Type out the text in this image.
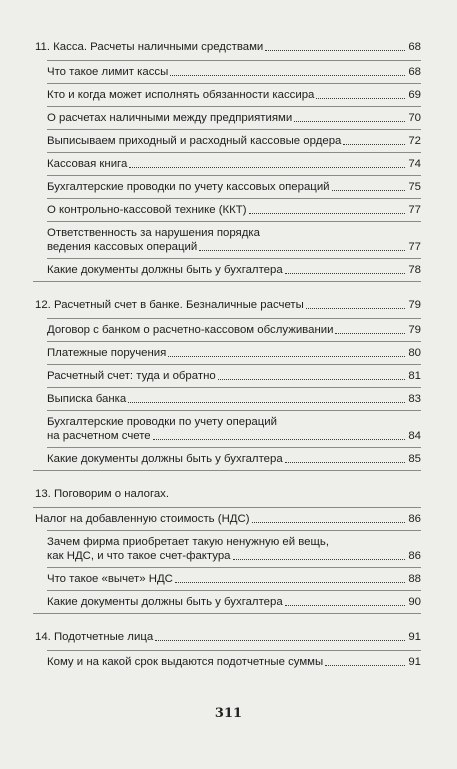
11. Касса. Расчеты наличными средствами	68
Что такое лимит кассы	68
Кто и когда может исполнять обязанности кассира	69
О расчетах наличными между предприятиями	70
Выписываем приходный и расходный кассовые ордера	72
Кассовая книга	74
Бухгалтерские проводки по учету кассовых операций	75
О контрольно-кассовой технике (ККТ)	77
Ответственность за нарушения порядка
ведения кассовых операций	77
Какие документы должны быть у бухгалтера	78
12. Расчетный счет в банке. Безналичные расчеты	79
Договор с банком о расчетно-кассовом обслуживании	79
Платежные поручения	80
Расчетный счет: туда и обратно	81
Выписка банка	83
Бухгалтерские проводки по учету операций
на расчетном счете	84
Какие документы должны быть у бухгалтера	85
13. Поговорим о налогах.
Налог на добавленную стоимость (НДС)	86
Зачем фирма приобретает такую ненужную ей вещь,
как НДС, и что такое счет-фактура	86
Что такое «вычет» НДС	88
Какие документы должны быть у бухгалтера	90
14. Подотчетные лица	91
Кому и на какой срок выдаются подотчетные суммы	91
311
